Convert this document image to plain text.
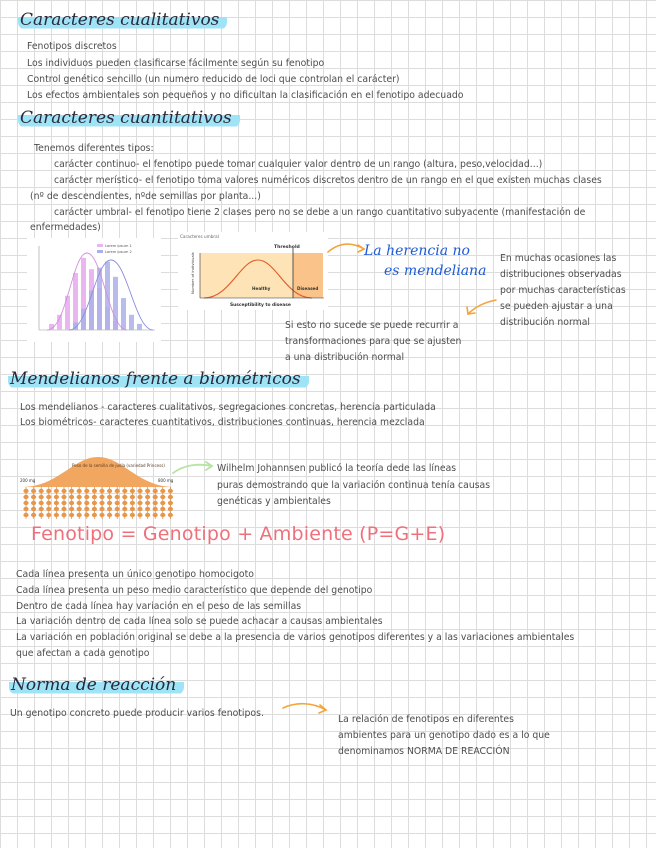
Caracteres cualitativos
Fenotipos discretos
Los individuos pueden clasificarse fácilmente según su fenotipo
Control genético sencillo (un numero reducido de loci que controlan el carácter)
Los efectos ambientales son pequeños y no dificultan la clasificación en el fenotipo adecuado
Caracteres cuantitativos
Tenemos diferentes tipos:
carácter continuo- el fenotipo puede tomar cualquier valor dentro de un rango (altura, peso,velocidad...)
carácter merístico- el fenotipo toma valores numéricos discretos dentro de un rango en el que existen muchas clases
(nº de descendientes, nºde semillas por planta...)
carácter umbral- el fenotipo tiene 2 clases pero no se debe a un rango cuantitativo subyacente (manifestación de
enfermedades)
Lorem ipsum 1
Lorem ipsum 2
Caracteres umbral
Threshold
Healthy	Diseased
Susceptibility to disease
Number of individuals
La herencia no
es mendeliana
En muchas ocasiones las
distribuciones observadas
por muchas características
se pueden ajustar a una
distribución normal
Si esto no sucede se puede recurrir a
transformaciones para que se ajusten
a una distribución normal
Mendelianos frente a biométricos
Los mendelianos - caracteres cualitativos, segregaciones concretas, herencia particulada
Los biométricos- caracteres cuantitativos, distribuciones continuas, herencia mezclada
Peso de la semilla de judía (variedad Princess)
200 mg	800 mg
Wilhelm Johannsen publicó la teoría dede las líneas
puras demostrando que la variación continua tenía causas
genéticas y ambientales
Fenotipo = Genotipo + Ambiente (P=G+E)
Cada línea presenta un único genotipo homocigoto
Cada línea presenta un peso medio característico que depende del genotipo
Dentro de cada línea hay variación en el peso de las semillas
La variación dentro de cada línea solo se puede achacar a causas ambientales
La variación en población original se debe a la presencia de varios genotipos diferentes y a las variaciones ambientales
que afectan a cada genotipo
Norma de reacción
Un genotipo concreto puede producir varios fenotipos.
La relación de fenotipos en diferentes
ambientes para un genotipo dado es a lo que
denominamos NORMA DE REACCIÓN
